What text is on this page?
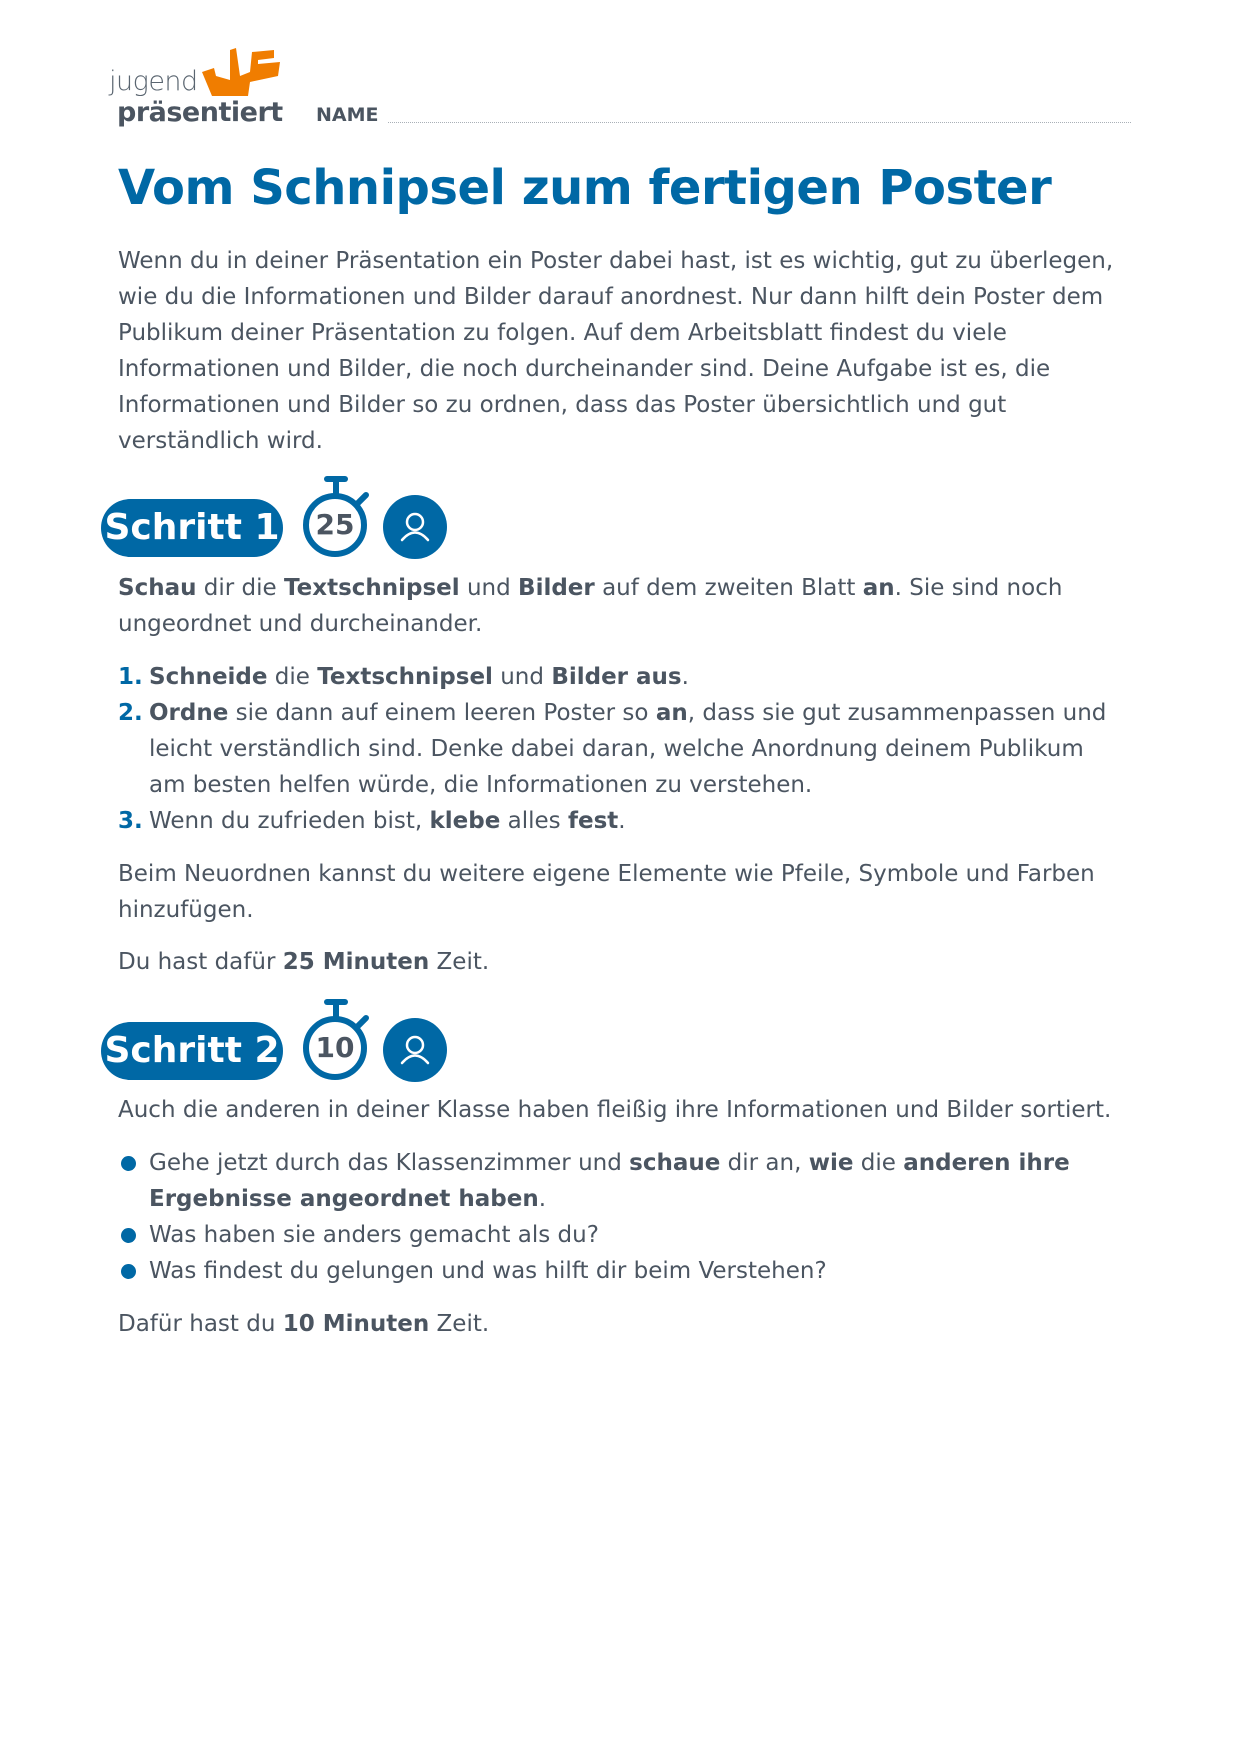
jugend
präsentiert NAME
Vom Schnipsel zum fertigen Poster
Wenn du in deiner Präsentation ein Poster dabei hast, ist es wichtig, gut zu überlegen, wie du die Informationen und Bilder darauf anordnest. Nur dann hilft dein Poster dem Publikum deiner Präsentation zu folgen. Auf dem Arbeitsblatt findest du viele Informationen und Bilder, die noch durcheinander sind. Deine Aufgabe ist es, die Informationen und Bilder so zu ordnen, dass das Poster übersichtlich und gut verständlich wird.
Schritt 1	25
Schau dir die Textschnipsel und Bilder auf dem zweiten Blatt an. Sie sind noch ungeordnet und durcheinander.
1. Schneide die Textschnipsel und Bilder aus.
2. Ordne sie dann auf einem leeren Poster so an, dass sie gut zusammenpassen und leicht verständlich sind. Denke dabei daran, welche Anordnung deinem Publikum am besten helfen würde, die Informationen zu verstehen.
3. Wenn du zufrieden bist, klebe alles fest.
Beim Neuordnen kannst du weitere eigene Elemente wie Pfeile, Symbole und Farben hinzufügen.
Du hast dafür 25 Minuten Zeit.
Schritt 2	10
Auch die anderen in deiner Klasse haben fleißig ihre Informationen und Bilder sortiert.
Gehe jetzt durch das Klassenzimmer und schaue dir an, wie die anderen ihre Ergebnisse angeordnet haben.
Was haben sie anders gemacht als du?
Was findest du gelungen und was hilft dir beim Verstehen?
Dafür hast du 10 Minuten Zeit.
